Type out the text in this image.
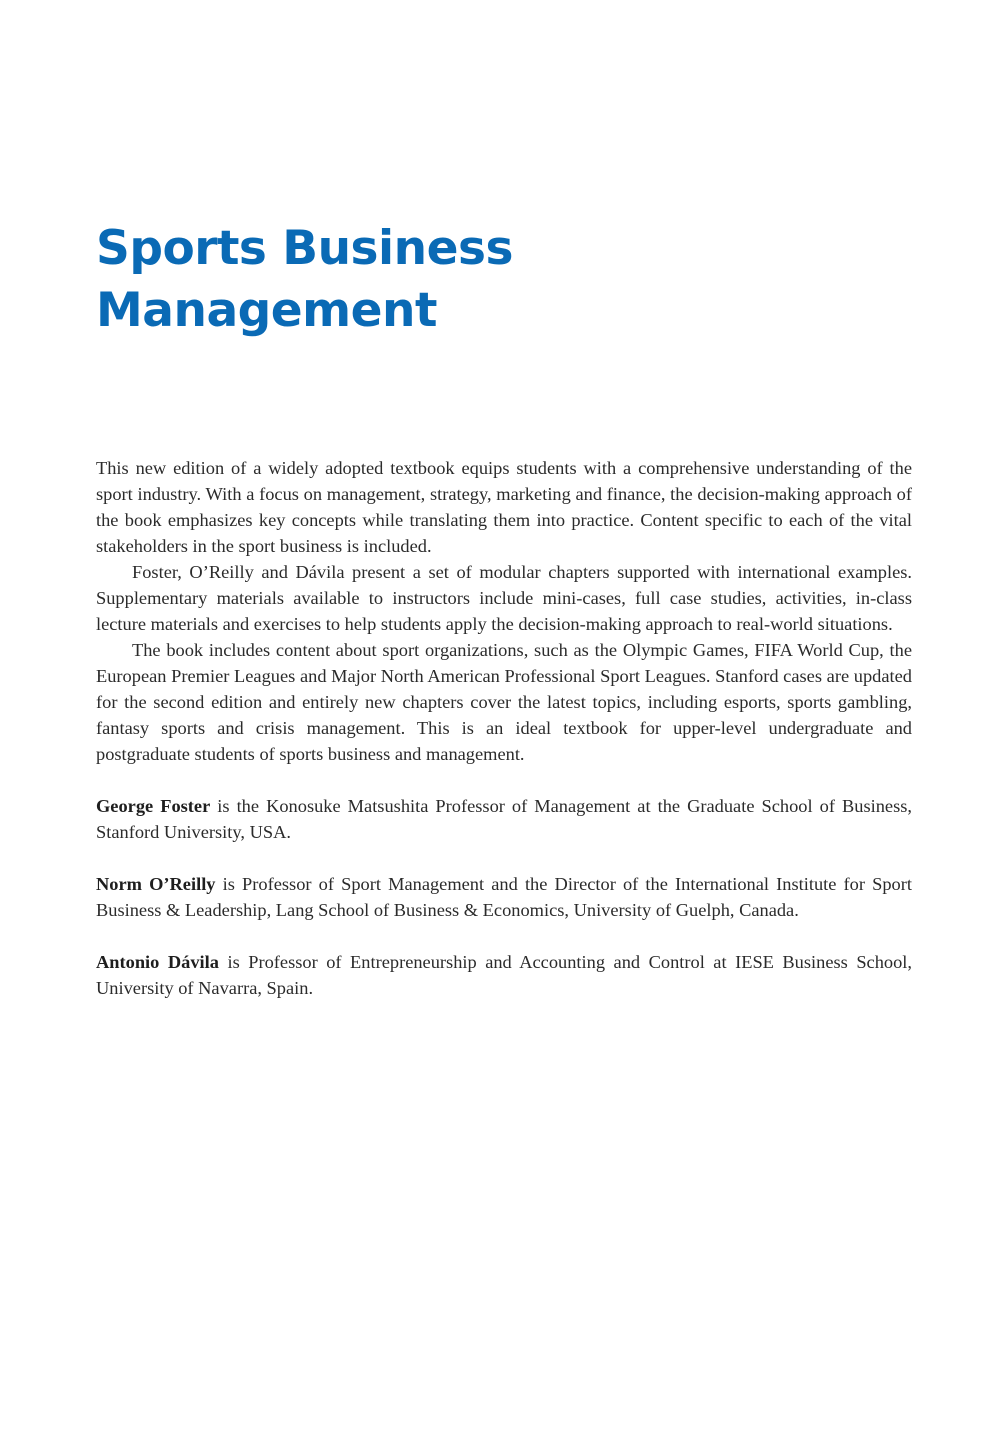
Sports Business
Management

This new edition of a widely adopted textbook equips students with a comprehensive understanding of the sport industry. With a focus on management, strategy, marketing and finance, the decision-making approach of the book emphasizes key concepts while translating them into practice. Content specific to each of the vital stakeholders in the sport business is included.

Foster, O’Reilly and Dávila present a set of modular chapters supported with international examples. Supplementary materials available to instructors include mini-cases, full case studies, activities, in-class lecture materials and exercises to help students apply the decision-making approach to real-world situations.

The book includes content about sport organizations, such as the Olympic Games, FIFA World Cup, the European Premier Leagues and Major North American Professional Sport Leagues. Stanford cases are updated for the second edition and entirely new chapters cover the latest topics, including esports, sports gambling, fantasy sports and crisis management. This is an ideal textbook for upper-level undergraduate and postgraduate students of sports business and management.

George Foster is the Konosuke Matsushita Professor of Management at the Graduate School of Business, Stanford University, USA.

Norm O’Reilly is Professor of Sport Management and the Director of the International Institute for Sport Business & Leadership, Lang School of Business & Economics, University of Guelph, Canada.

Antonio Dávila is Professor of Entrepreneurship and Accounting and Control at IESE Business School, University of Navarra, Spain.
